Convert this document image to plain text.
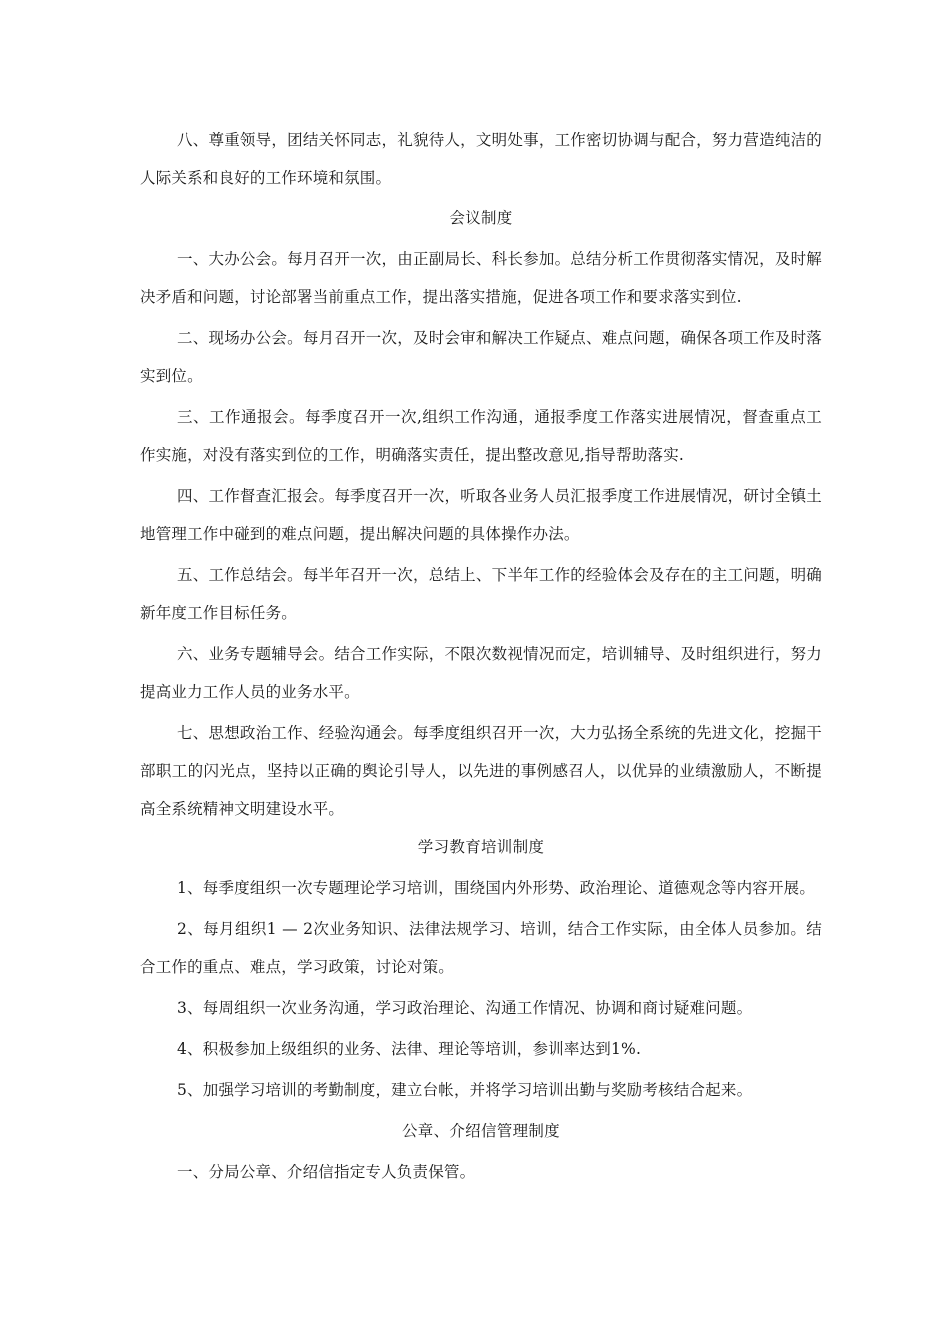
八、尊重领导，团结关怀同志，礼貌待人，文明处事，工作密切协调与配合，努力营造纯洁的人际关系和良好的工作环境和氛围。

会议制度

一、大办公会。每月召开一次，由正副局长、科长参加。总结分析工作贯彻落实情况，及时解决矛盾和问题，讨论部署当前重点工作，提出落实措施，促进各项工作和要求落实到位.

二、现场办公会。每月召开一次，及时会审和解决工作疑点、难点问题，确保各项工作及时落实到位。

三、工作通报会。每季度召开一次,组织工作沟通，通报季度工作落实进展情况，督查重点工作实施，对没有落实到位的工作，明确落实责任，提出整改意见,指导帮助落实.

四、工作督查汇报会。每季度召开一次，听取各业务人员汇报季度工作进展情况，研讨全镇土地管理工作中碰到的难点问题，提出解决问题的具体操作办法。

五、工作总结会。每半年召开一次，总结上、下半年工作的经验体会及存在的主工问题，明确新年度工作目标任务。

六、业务专题辅导会。结合工作实际，不限次数视情况而定，培训辅导、及时组织进行，努力提高业力工作人员的业务水平。

七、思想政治工作、经验沟通会。每季度组织召开一次，大力弘扬全系统的先进文化，挖掘干部职工的闪光点，坚持以正确的舆论引导人，以先进的事例感召人，以优异的业绩激励人，不断提高全系统精神文明建设水平。

学习教育培训制度

1、每季度组织一次专题理论学习培训，围绕国内外形势、政治理论、道德观念等内容开展。

2、每月组织1 — 2次业务知识、法律法规学习、培训，结合工作实际，由全体人员参加。结合工作的重点、难点，学习政策，讨论对策。

3、每周组织一次业务沟通，学习政治理论、沟通工作情况、协调和商讨疑难问题。

4、积极参加上级组织的业务、法律、理论等培训，参训率达到1%.

5、加强学习培训的考勤制度，建立台帐，并将学习培训出勤与奖励考核结合起来。

公章、介绍信管理制度

一、分局公章、介绍信指定专人负责保管。
